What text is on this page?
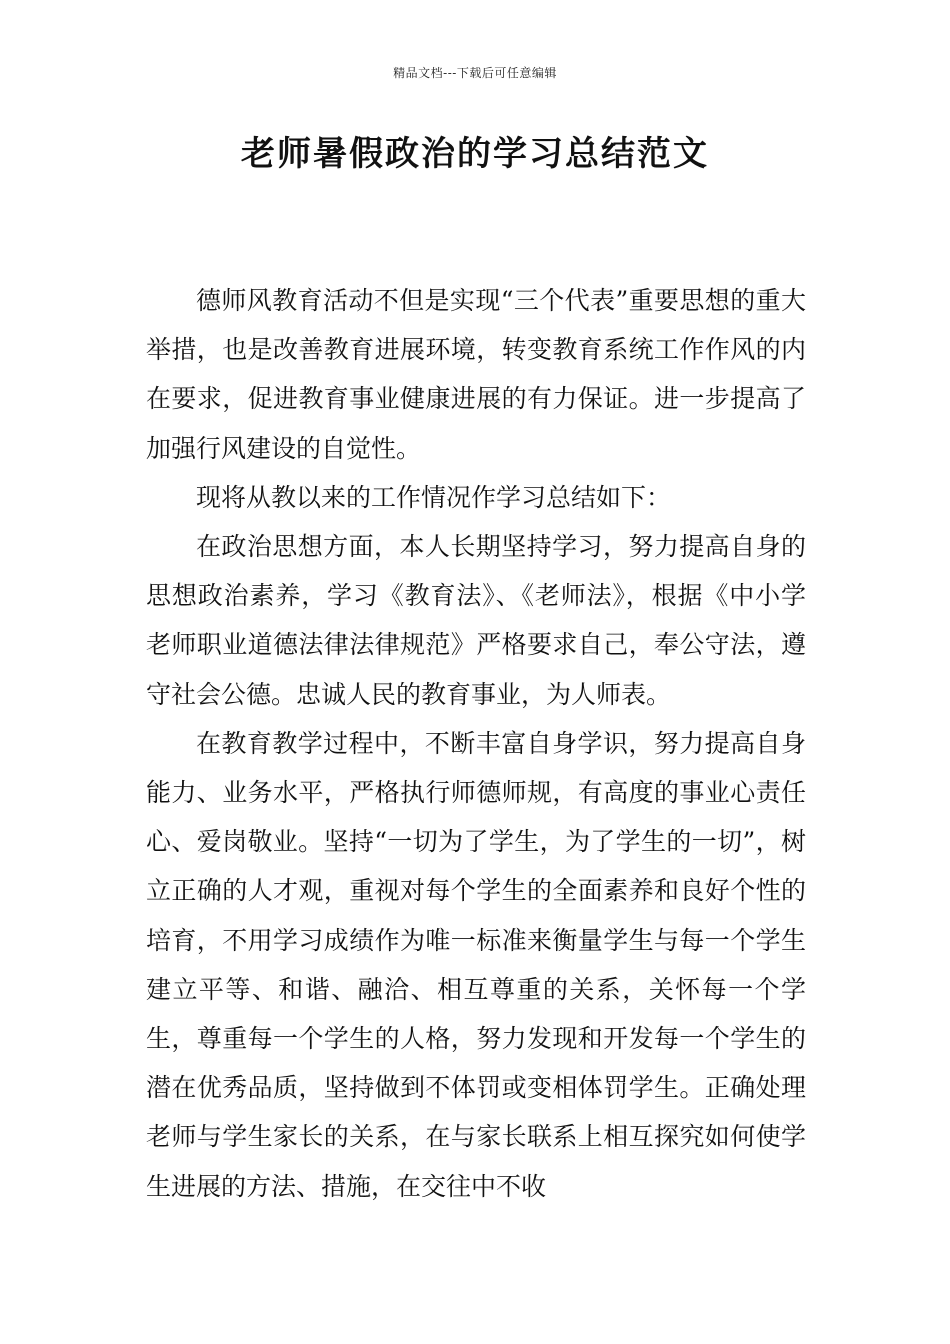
精品文档---下载后可任意编辑
老师暑假政治的学习总结范文

德师风教育活动不但是实现“三个代表”重要思想的重大举措，也是改善教育进展环境，转变教育系统工作作风的内在要求，促进教育事业健康进展的有力保证。进一步提高了加强行风建设的自觉性。

现将从教以来的工作情况作学习总结如下：

在政治思想方面，本人长期坚持学习，努力提高自身的思想政治素养，学习《教育法》、《老师法》，根据《中小学老师职业道德法律法律规范》严格要求自己，奉公守法，遵守社会公德。忠诚人民的教育事业，为人师表。

在教育教学过程中，不断丰富自身学识，努力提高自身能力、业务水平，严格执行师德师规，有高度的事业心责任心、爱岗敬业。坚持“一切为了学生，为了学生的一切”，树立正确的人才观，重视对每个学生的全面素养和良好个性的培育，不用学习成绩作为唯一标准来衡量学生与每一个学生建立平等、和谐、融洽、相互尊重的关系，关怀每一个学生，尊重每一个学生的人格，努力发现和开发每一个学生的潜在优秀品质，坚持做到不体罚或变相体罚学生。正确处理老师与学生家长的关系，在与家长联系上相互探究如何使学生进展的方法、措施，在交往中不收
